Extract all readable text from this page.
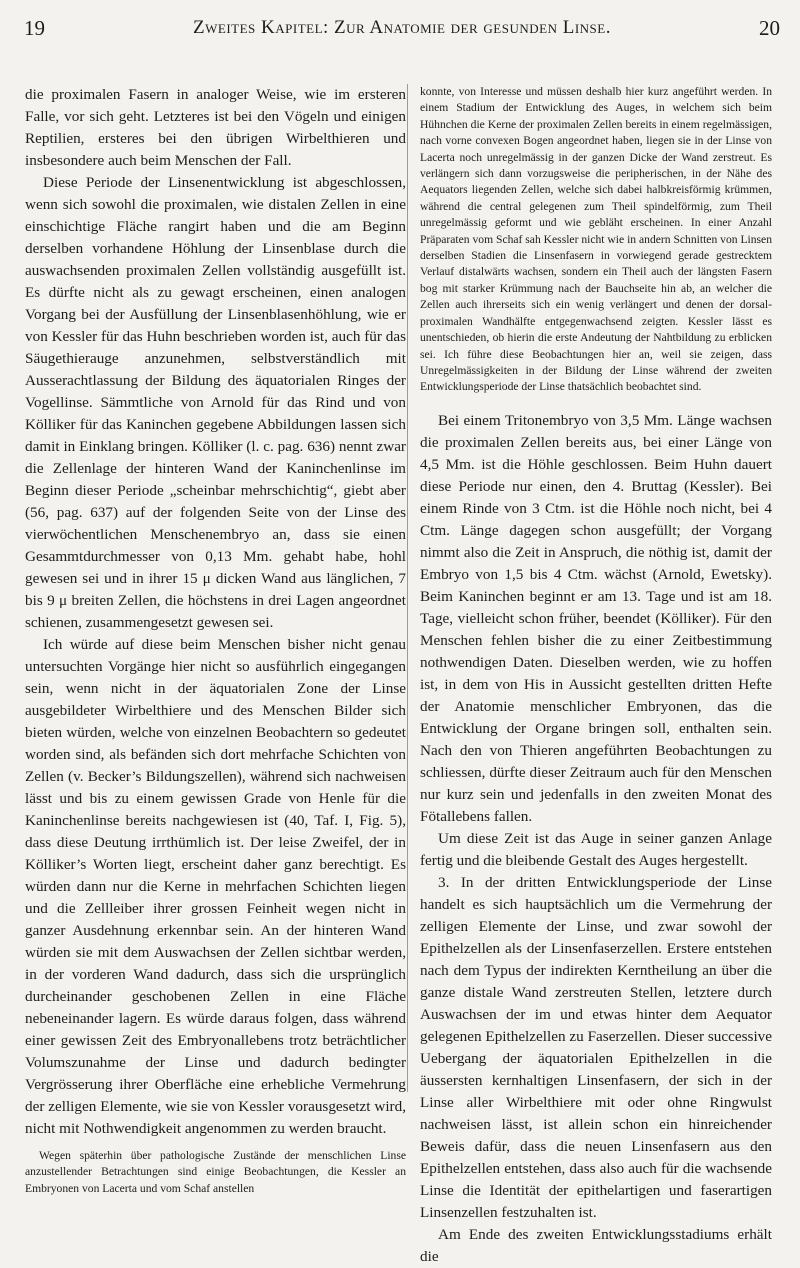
19	Zweites Kapitel: Zur Anatomie der gesunden Linse.	20

die proximalen Fasern in analoger Weise, wie im ersteren Falle, vor sich geht. Letzteres ist bei den Vögeln und einigen Reptilien, ersteres bei den übrigen Wirbelthieren und insbesondere auch beim Menschen der Fall.

Diese Periode der Linsenentwicklung ist abgeschlossen, wenn sich sowohl die proximalen, wie distalen Zellen in eine einschichtige Fläche rangirt haben und die am Beginn derselben vorhandene Höhlung der Linsenblase durch die auswachsenden proximalen Zellen vollständig ausgefüllt ist. Es dürfte nicht als zu gewagt erscheinen, einen analogen Vorgang bei der Ausfüllung der Linsenblasenhöhlung, wie er von Kessler für das Huhn beschrieben worden ist, auch für das Säugethierauge anzunehmen, selbstverständlich mit Ausserachtlassung der Bildung des äquatorialen Ringes der Vogellinse. Sämmtliche von Arnold für das Rind und von Kölliker für das Kaninchen gegebene Abbildungen lassen sich damit in Einklang bringen. Kölliker (l. c. pag. 636) nennt zwar die Zellenlage der hinteren Wand der Kaninchenlinse im Beginn dieser Periode „scheinbar mehrschichtig“, giebt aber (56, pag. 637) auf der folgenden Seite von der Linse des vierwöchentlichen Menschenembryo an, dass sie einen Gesammtdurchmesser von 0,13 Mm. gehabt habe, hohl gewesen sei und in ihrer 15 μ dicken Wand aus länglichen, 7 bis 9 μ breiten Zellen, die höchstens in drei Lagen angeordnet schienen, zusammengesetzt gewesen sei.

Ich würde auf diese beim Menschen bisher nicht genau untersuchten Vorgänge hier nicht so ausführlich eingegangen sein, wenn nicht in der äquatorialen Zone der Linse ausgebildeter Wirbelthiere und des Menschen Bilder sich bieten würden, welche von einzelnen Beobachtern so gedeutet worden sind, als befänden sich dort mehrfache Schichten von Zellen (v. Becker’s Bildungszellen), während sich nachweisen lässt und bis zu einem gewissen Grade von Henle für die Kaninchenlinse bereits nachgewiesen ist (40, Taf. I, Fig. 5), dass diese Deutung irrthümlich ist. Der leise Zweifel, der in Kölliker’s Worten liegt, erscheint daher ganz berechtigt. Es würden dann nur die Kerne in mehrfachen Schichten liegen und die Zellleiber ihrer grossen Feinheit wegen nicht in ganzer Ausdehnung erkennbar sein. An der hinteren Wand würden sie mit dem Auswachsen der Zellen sichtbar werden, in der vorderen Wand dadurch, dass sich die ursprünglich durcheinander geschobenen Zellen in eine Fläche nebeneinander lagern. Es würde daraus folgen, dass während einer gewissen Zeit des Embryonallebens trotz beträchtlicher Volumszunahme der Linse und dadurch bedingter Vergrösserung ihrer Oberfläche eine erhebliche Vermehrung der zelligen Elemente, wie sie von Kessler vorausgesetzt wird, nicht mit Nothwendigkeit angenommen zu werden braucht.

Wegen späterhin über pathologische Zustände der menschlichen Linse anzustellender Betrachtungen sind einige Beobachtungen, die Kessler an Embryonen von Lacerta und vom Schaf anstellen

konnte, von Interesse und müssen deshalb hier kurz angeführt werden. In einem Stadium der Entwicklung des Auges, in welchem sich beim Hühnchen die Kerne der proximalen Zellen bereits in einem regelmässigen, nach vorne convexen Bogen angeordnet haben, liegen sie in der Linse von Lacerta noch unregelmässig in der ganzen Dicke der Wand zerstreut. Es verlängern sich dann vorzugsweise die peripherischen, in der Nähe des Aequators liegenden Zellen, welche sich dabei halbkreisförmig krümmen, während die central gelegenen zum Theil spindelförmig, zum Theil unregelmässig geformt und wie gebläht erscheinen. In einer Anzahl Präparaten vom Schaf sah Kessler nicht wie in andern Schnitten von Linsen derselben Stadien die Linsenfasern in vorwiegend gerade gestrecktem Verlauf distalwärts wachsen, sondern ein Theil auch der längsten Fasern bog mit starker Krümmung nach der Bauchseite hin ab, an welcher die Zellen auch ihrerseits sich ein wenig verlängert und denen der dorsal-proximalen Wandhälfte entgegenwachsend zeigten. Kessler lässt es unentschieden, ob hierin die erste Andeutung der Nahtbildung zu erblicken sei. Ich führe diese Beobachtungen hier an, weil sie zeigen, dass Unregelmässigkeiten in der Bildung der Linse während der zweiten Entwicklungsperiode der Linse thatsächlich beobachtet sind.

Bei einem Tritonembryo von 3,5 Mm. Länge wachsen die proximalen Zellen bereits aus, bei einer Länge von 4,5 Mm. ist die Höhle geschlossen. Beim Huhn dauert diese Periode nur einen, den 4. Bruttag (Kessler). Bei einem Rinde von 3 Ctm. ist die Höhle noch nicht, bei 4 Ctm. Länge dagegen schon ausgefüllt; der Vorgang nimmt also die Zeit in Anspruch, die nöthig ist, damit der Embryo von 1,5 bis 4 Ctm. wächst (Arnold, Ewetsky). Beim Kaninchen beginnt er am 13. Tage und ist am 18. Tage, vielleicht schon früher, beendet (Kölliker). Für den Menschen fehlen bisher die zu einer Zeitbestimmung nothwendigen Daten. Dieselben werden, wie zu hoffen ist, in dem von His in Aussicht gestellten dritten Hefte der Anatomie menschlicher Embryonen, das die Entwicklung der Organe bringen soll, enthalten sein. Nach den von Thieren angeführten Beobachtungen zu schliessen, dürfte dieser Zeitraum auch für den Menschen nur kurz sein und jedenfalls in den zweiten Monat des Fötallebens fallen.

Um diese Zeit ist das Auge in seiner ganzen Anlage fertig und die bleibende Gestalt des Auges hergestellt.

3. In der dritten Entwicklungsperiode der Linse handelt es sich hauptsächlich um die Vermehrung der zelligen Elemente der Linse, und zwar sowohl der Epithelzellen als der Linsenfaserzellen. Erstere entstehen nach dem Typus der indirekten Kerntheilung an über die ganze distale Wand zerstreuten Stellen, letztere durch Auswachsen der im und etwas hinter dem Aequator gelegenen Epithelzellen zu Faserzellen. Dieser successive Uebergang der äquatorialen Epithelzellen in die äussersten kernhaltigen Linsenfasern, der sich in der Linse aller Wirbelthiere mit oder ohne Ringwulst nachweisen lässt, ist allein schon ein hinreichender Beweis dafür, dass die neuen Linsenfasern aus den Epithelzellen entstehen, dass also auch für die wachsende Linse die Identität der epithelartigen und faserartigen Linsenzellen festzuhalten ist.

Am Ende des zweiten Entwicklungsstadiums erhält die
